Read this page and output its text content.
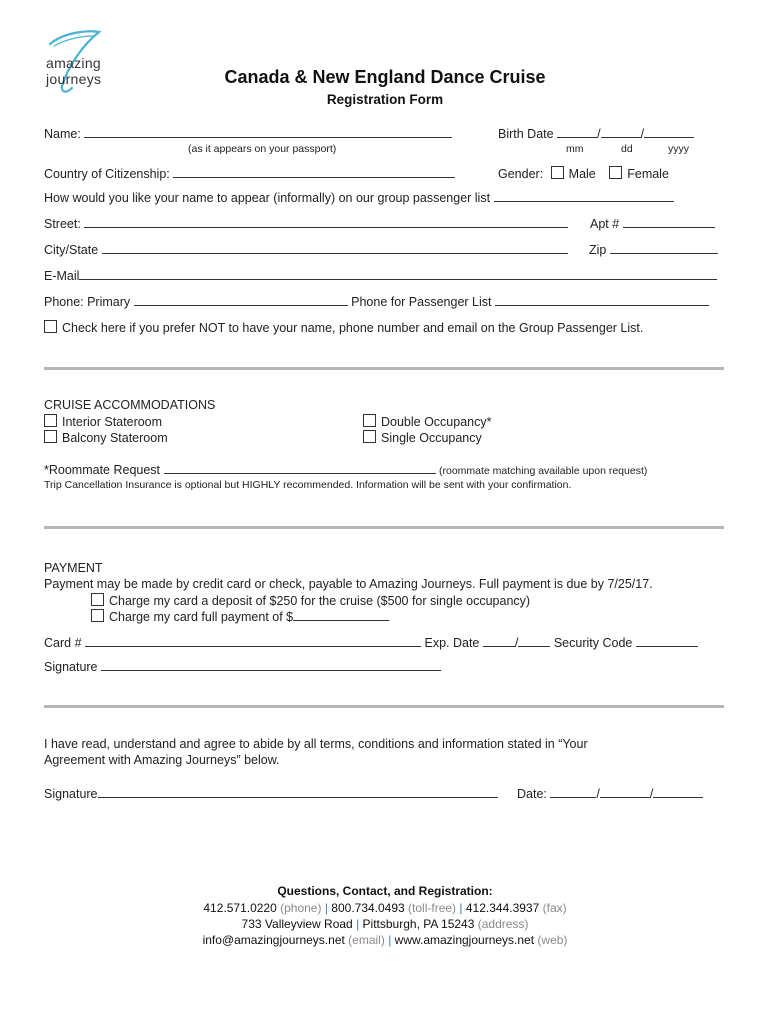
amazing journeys	Canada & New England Dance Cruise
Registration Form
Name:	Birth Date	/	/
(as it appears on your passport)	mm	dd	yyyy
Country of Citizenship:	Gender: Male	Female
How would you like your name to appear (informally) on our group passenger list
Street:	Apt #
City/State	Zip
E-Mail
Phone: Primary	Phone for Passenger List
Check here if you prefer NOT to have your name, phone number and email on the Group Passenger List.
CRUISE ACCOMMODATIONS
Interior Stateroom
Balcony Stateroom
Double Occupancy*
Single Occupancy
*Roommate Request	(roommate matching available upon request)
Trip Cancellation Insurance is optional but HIGHLY recommended. Information will be sent with your confirmation.
PAYMENT
Payment may be made by credit card or check, payable to Amazing Journeys. Full payment is due by 7/25/17.
Charge my card a deposit of $250 for the cruise ($500 for single occupancy)
Charge my card full payment of $
Card #	Exp. Date	/	Security Code
Signature
I have read, understand and agree to abide by all terms, conditions and information stated in “Your
Agreement with Amazing Journeys” below.
Signature	Date:	/	/
Questions, Contact, and Registration:
412.571.0220 (phone) | 800.734.0493 (toll-free) | 412.344.3937 (fax)
733 Valleyview Road | Pittsburgh, PA 15243 (address)
info@amazingjourneys.net (email) | www.amazingjourneys.net (web)
